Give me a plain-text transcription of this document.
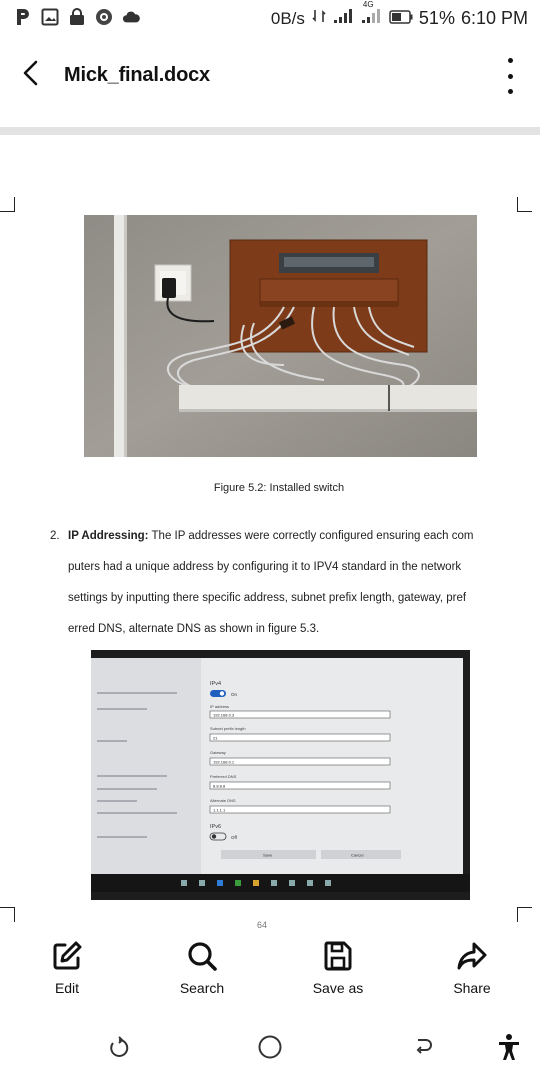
0B/s
4G
51% 6:10 PM
Mick_final.docx
Figure 5.2: Installed switch
2. IP Addressing: The IP addresses were correctly configured ensuring each com
puters had a unique address by configuring it to IPV4 standard in the network
settings by inputting there specific address, subnet prefix length, gateway, pref
erred DNS, alternate DNS as shown in figure 5.3.
IPv4
On
IP address
192.168.0.3
Subnet prefix length
21
Gateway
192.168.0.1
Preferred DNS
8.8.8.8
Alternate DNS
1.1.1.1
IPv6
Off
Save	Cancel
64
Edit	Search	Save as	Share
